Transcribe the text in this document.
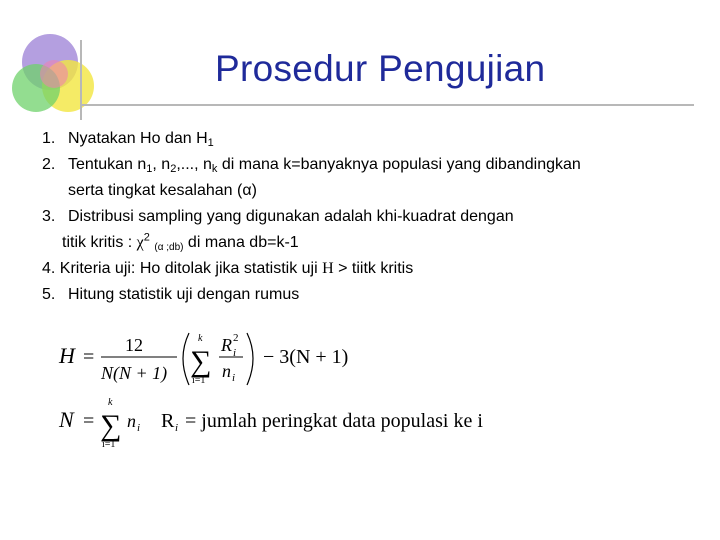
Prosedur Pengujian
1. Nyatakan Ho dan $H_1$
2. Tentukan $n_1$, $n_2$,..., $n_k$ di mana k=banyaknya populasi yang dibandingkan
serta tingkat kesalahan (α)
3. Distribusi sampling yang digunakan adalah khi-kuadrat dengan
titik kritis : $\chi^2$ $_{(\alpha ;db)}$ di mana db=k-1
4. Kriteria uji: Ho ditolak jika statistik uji H > tiitk kritis
5. Hitung statistik uji dengan rumus
H =
12
N(N + 1)
k
∑
i=1
R 2
i
n i
− 3(N + 1)
N =
k
∑
i=1
n i R i = jumlah peringkat data populasi ke i
